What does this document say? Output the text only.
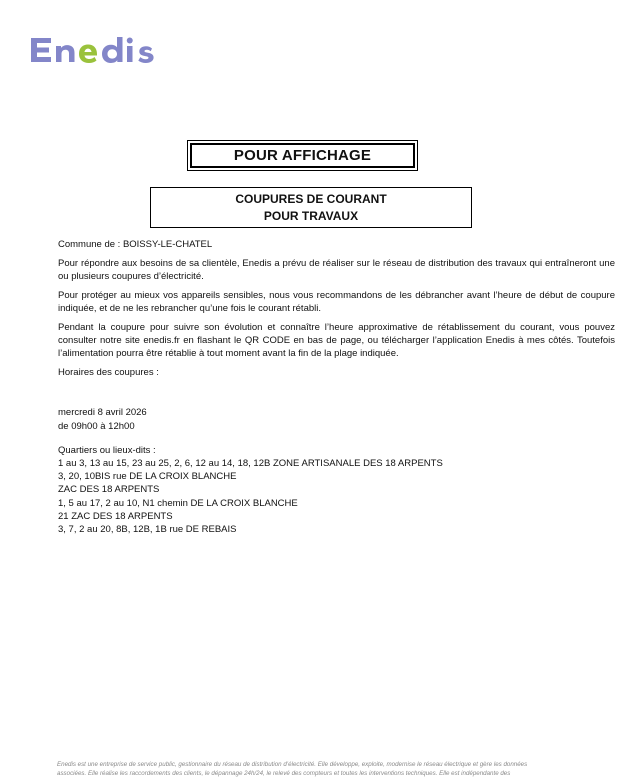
POUR AFFICHAGE
COUPURES DE COURANT
POUR TRAVAUX

Commune de : BOISSY-LE-CHATEL

Pour répondre aux besoins de sa clientèle, Enedis a prévu de réaliser sur le réseau de distribution des travaux qui entraîneront une ou plusieurs coupures d’électricité.

Pour protéger au mieux vos appareils sensibles, nous vous recommandons de les débrancher avant l’heure de début de coupure indiquée, et de ne les rebrancher qu’une fois le courant rétabli.

Pendant la coupure pour suivre son évolution et connaître l’heure approximative de rétablissement du courant, vous pouvez consulter notre site enedis.fr en flashant le QR CODE en bas de page, ou télécharger l’application Enedis à mes côtés. Toutefois l’alimentation pourra être rétablie à tout moment avant la fin de la plage indiquée.

Horaires des coupures :

mercredi 8 avril 2026
de 09h00 à 12h00
Quartiers ou lieux-dits :
1 au 3, 13 au 15, 23 au 25, 2, 6, 12 au 14, 18, 12B ZONE ARTISANALE DES 18 ARPENTS
3, 20, 10BIS rue DE LA CROIX BLANCHE
ZAC DES 18 ARPENTS
1, 5 au 17, 2 au 10, N1 chemin DE LA CROIX BLANCHE
21 ZAC DES 18 ARPENTS
3, 7, 2 au 20, 8B, 12B, 1B rue DE REBAIS
Enedis est une entreprise de service public, gestionnaire du réseau de distribution d’électricité. Elle développe, exploite, modernise le réseau électrique et gère les données
associées. Elle réalise les raccordements des clients, le dépannage 24h/24, le relevé des compteurs et toutes les interventions techniques. Elle est indépendante des
